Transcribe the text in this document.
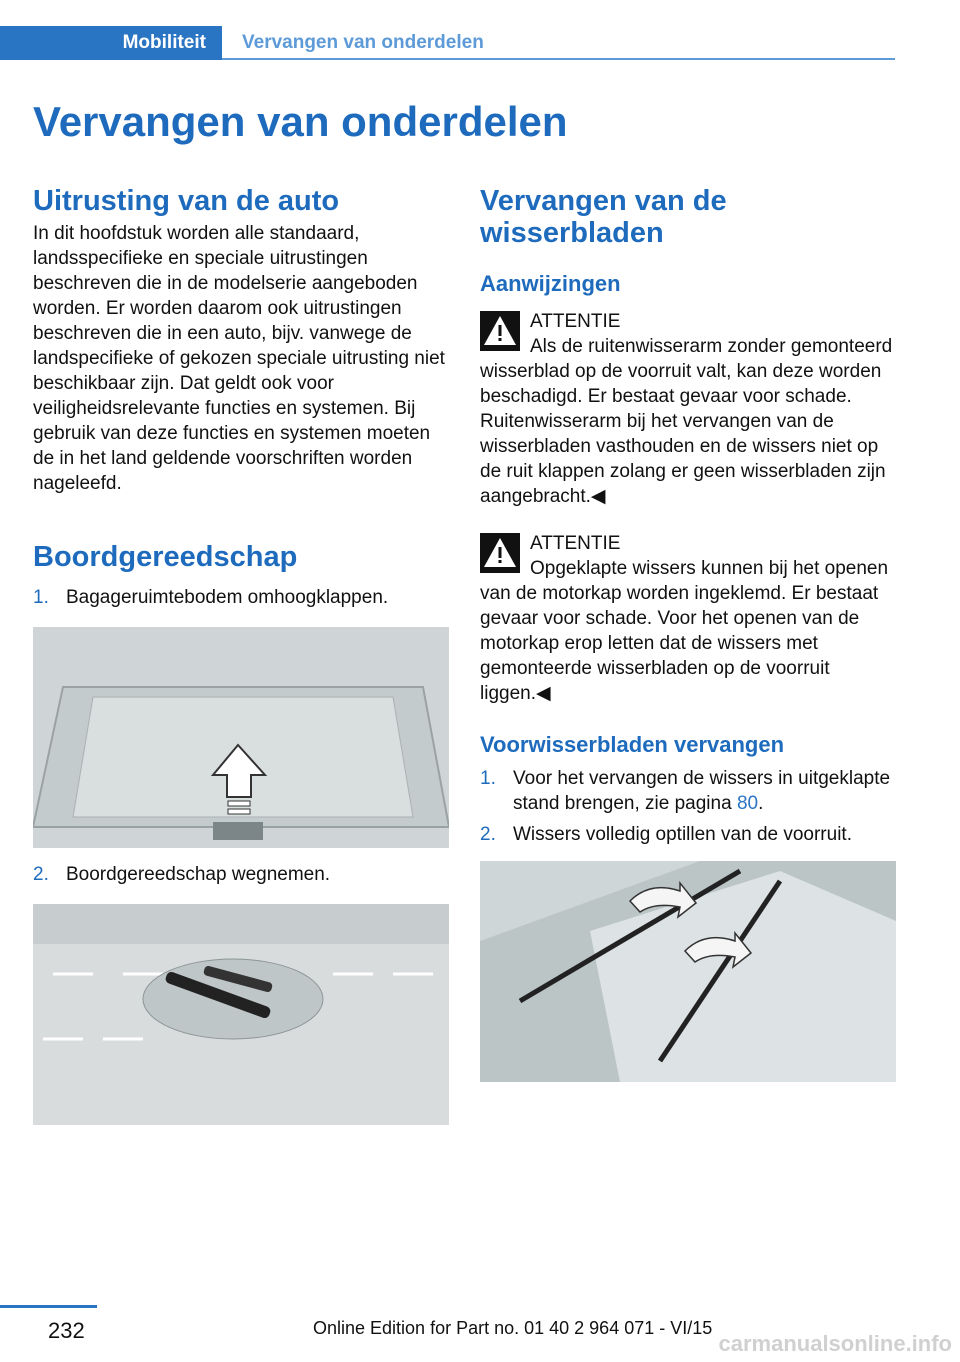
Mobiliteit Vervangen van onderdelen
Vervangen van onderdelen
Uitrusting van de auto

In dit hoofdstuk worden alle standaard, landsspecifieke en speciale uitrustingen beschreven die in de modelserie aangeboden worden. Er worden daarom ook uitrustingen beschreven die in een auto, bijv. vanwege de landspecifieke of gekozen speciale uitrusting niet beschikbaar zijn. Dat geldt ook voor veiligheidsrelevante functies en systemen. Bij gebruik van deze functies en systemen moeten de in het land geldende voorschriften worden nageleefd.

Boordgereedschap
1. Bagageruimtebodem omhoogklappen.
2. Boordgereedschap wegnemen.
Vervangen van de wisserbladen
Aanwijzingen
ATTENTIE
Als de ruitenwisserarm zonder gemonteerd wisserblad op de voorruit valt, kan deze worden beschadigd. Er bestaat gevaar voor schade. Ruitenwisserarm bij het vervangen van de wisserbladen vasthouden en de wissers niet op de ruit klappen zolang er geen wisserbladen zijn aangebracht.◀
ATTENTIE
Opgeklapte wissers kunnen bij het openen van de motorkap worden ingeklemd. Er bestaat gevaar voor schade. Voor het openen van de motorkap erop letten dat de wissers met gemonteerde wisserbladen op de voorruit liggen.◀
Voorwisserbladen vervangen
1. Voor het vervangen de wissers in uitgeklapte stand brengen, zie pagina 80.
2. Wissers volledig optillen van de voorruit.
232	Online Edition for Part no. 01 40 2 964 071 - VI/15
carmanualsonline.info
